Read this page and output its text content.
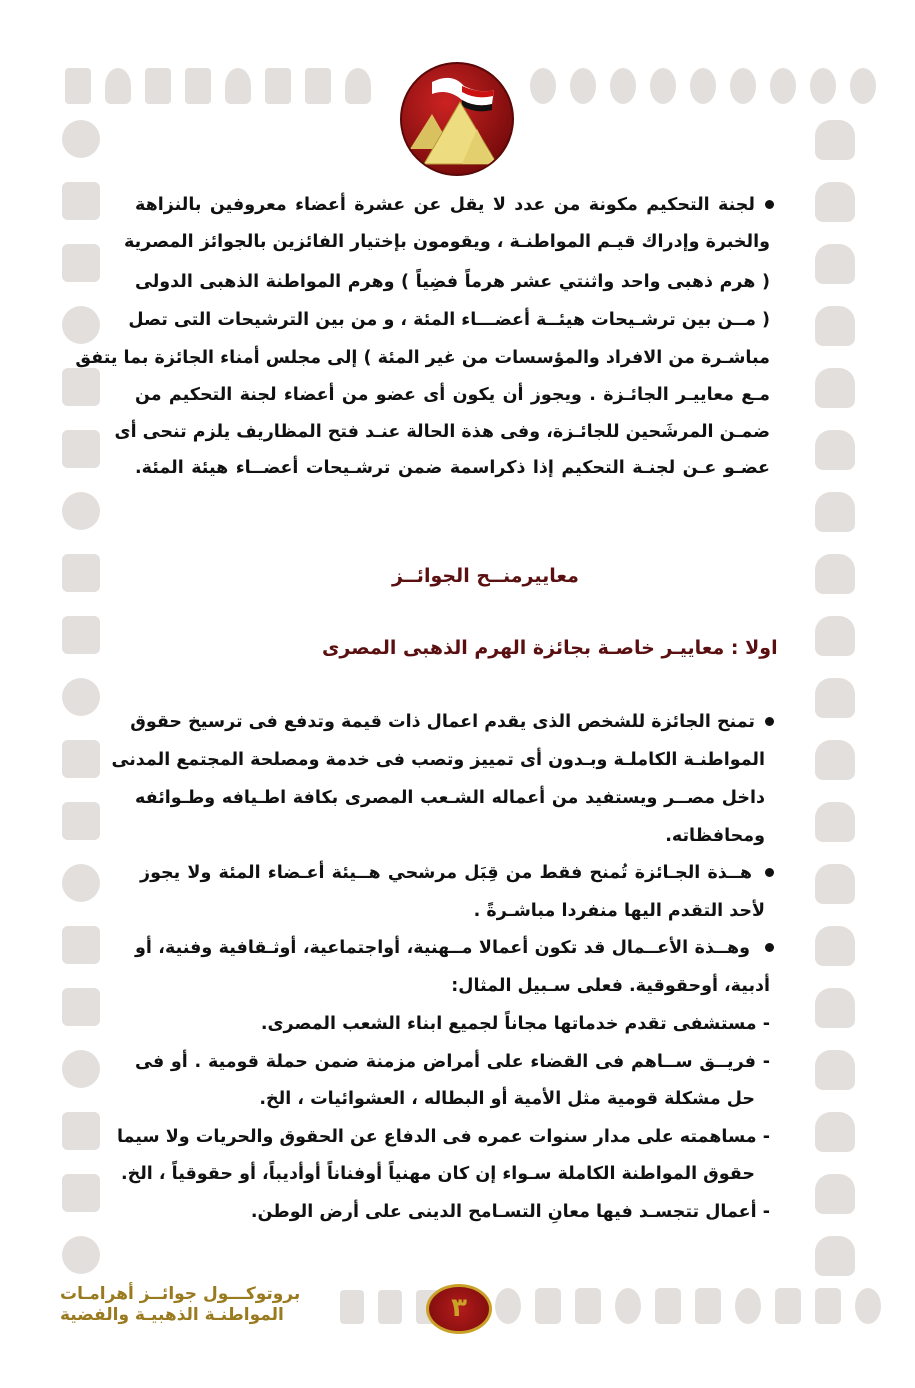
لجنة التحكيم مكونة من عدد لا يقل عن عشرة أعضاء معروفين بالنزاهة
والخبرة وإدراك قيـم المواطنـة ، ويقومون بإختيار الفائزين بالجوائز المصرية
( هرم ذهبى واحد واثنتي عشر هرماً فضِياً ) وهرم المواطنة الذهبى الدولى
( مــن بين ترشـيحات هيئــة أعضـــاء المئة ، و من بين الترشيحات التى تصل
مباشـرة من الافراد والمؤسسات من غير المئة ) إلى مجلس أمناء الجائزة بما يتفق
مـع معاييـر الجائـزة . ويجوز أن يكون أى عضو من أعضاء لجنة التحكيم من
ضمـن المرشَحين للجائـزة، وفى هذة الحالة عنـد فتح المظاريف يلزم تنحى أى
عضـو عـن لجنـة التحكيم إذا ذكراسمة ضمن ترشـيحات أعضــاء هيئة المئة.
معاييرمنــح الجوائــز
اولا : معاييـر خاصـة بجائزة الهرم الذهبى المصرى
تمنح الجائزة للشخص الذى يقدم اعمال ذات قيمة وتدفع فى ترسيخ حقوق
المواطنـة الكاملـة وبـدون أى تمييز وتصب فى خدمة ومصلحة المجتمع المدنى
داخل مصــر ويستفيد من أعماله الشـعب المصرى بكافة اطـيافه وطـوائفه
ومحافظاته.
هــذة الجـائزة تُمنح فقط من قِبَل مرشحي هــيئة أعـضاء المئة ولا يجوز
لأحد التقدم اليها منفردا مباشـرةً .
وهــذة الأعــمال قد تكون أعمالا مــهنية، أواجتماعية، أوثـقافية وفنية، أو
أدبية، أوحقوقية. فعلى سـبيل المثال:
- مستشفى تقدم خدماتها مجاناً لجميع ابناء الشعب المصرى.
- فريــق ســاهم فى القضاء على أمراض مزمنة ضمن حملة قومية . أو فى
حل مشكلة قومية مثل الأمية أو البطاله ، العشوائيات ، الخ.
- مساهمته على مدار سنوات عمره فى الدفاع عن الحقوق والحريات ولا سيما
حقوق المواطنة الكاملة سـواء إن كان مهنياً أوفناناً أوأديباً، أو حقوقياً ، الخ.
- أعمال تتجسـد فيها معانِ التسـامح الدينى على أرض الوطن.
بروتوكـــول جوائــز أهرامـات
المواطنـة الذهبيـة والفضية	٣
